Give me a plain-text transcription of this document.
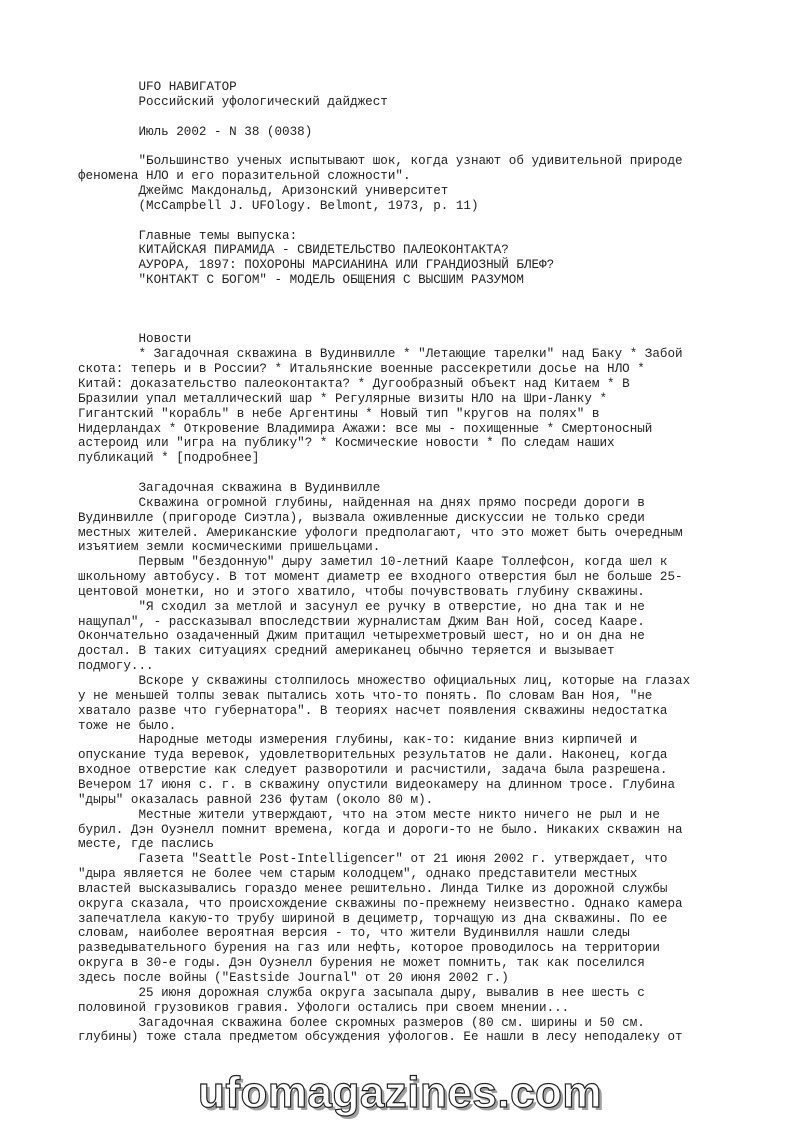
UFO НАВИГАТОР
Российский уфологический дайджест
Июль 2002 - N 38 (0038)
"Большинство ученых испытывают шок, когда узнают об удивительной природе
феномена НЛО и его поразительной сложности".
Джеймс Макдональд, Аризонский университет
(McCampbell J. UFOlogy. Belmont, 1973, p. 11)
Главные темы выпуска:
КИТАЙСКАЯ ПИРАМИДА - СВИДЕТЕЛЬСТВО ПАЛЕОКОНТАКТА?
АУРОРА, 1897: ПОХОРОНЫ МАРСИАНИНА ИЛИ ГРАНДИОЗНЫЙ БЛЕФ?
"КОНТАКТ С БОГОМ" - МОДЕЛЬ ОБЩЕНИЯ С ВЫСШИМ РАЗУМОМ
Новости
* Загадочная скважина в Вудинвилле * "Летающие тарелки" над Баку * Забой
скота: теперь и в России? * Итальянские военные рассекретили досье на НЛО *
Китай: доказательство палеоконтакта? * Дугообразный объект над Китаем * В
Бразилии упал металлический шар * Регулярные визиты НЛО на Шри-Ланку *
Гигантский "корабль" в небе Аргентины * Новый тип "кругов на полях" в
Нидерландах * Откровение Владимира Ажажи: все мы - похищенные * Смертоносный
астероид или "игра на публику"? * Космические новости * По следам наших
публикаций * [подробнее]
Загадочная скважина в Вудинвилле
Скважина огромной глубины, найденная на днях прямо посреди дороги в
Вудинвилле (пригороде Сиэтла), вызвала оживленные дискуссии не только среди
местных жителей. Американские уфологи предполагают, что это может быть очередным
изъятием земли космическими пришельцами.
Первым "бездонную" дыру заметил 10-летний Кааре Толлефсон, когда шел к
школьному автобусу. В тот момент диаметр ее входного отверстия был не больше 25-
центовой монетки, но и этого хватило, чтобы почувствовать глубину скважины.
"Я сходил за метлой и засунул ее ручку в отверстие, но дна так и не
нащупал", - рассказывал впоследствии журналистам Джим Ван Ной, сосед Кааре.
Окончательно озадаченный Джим притащил четырехметровый шест, но и он дна не
достал. В таких ситуациях средний американец обычно теряется и вызывает
подмогу...
Вскоре у скважины столпилось множество официальных лиц, которые на глазах
у не меньшей толпы зевак пытались хоть что-то понять. По словам Ван Ноя, "не
хватало разве что губернатора". В теориях насчет появления скважины недостатка
тоже не было.
Народные методы измерения глубины, как-то: кидание вниз кирпичей и
опускание туда веревок, удовлетворительных результатов не дали. Наконец, когда
входное отверстие как следует разворотили и расчистили, задача была разрешена.
Вечером 17 июня с. г. в скважину опустили видеокамеру на длинном тросе. Глубина
"дыры" оказалась равной 236 футам (около 80 м).
Местные жители утверждают, что на этом месте никто ничего не рыл и не
бурил. Дэн Оуэнелл помнит времена, когда и дороги-то не было. Никаких скважин на
месте, где паслись
Газета "Seattle Post-Intelligencer" от 21 июня 2002 г. утверждает, что
"дыра является не более чем старым колодцем", однако представители местных
властей высказывались гораздо менее решительно. Линда Тилке из дорожной службы
округа сказала, что происхождение скважины по-прежнему неизвестно. Однако камера
запечатлела какую-то трубу шириной в дециметр, торчащую из дна скважины. По ее
словам, наиболее вероятная версия - то, что жители Вудинвилля нашли следы
разведывательного бурения на газ или нефть, которое проводилось на территории
округа в 30-е годы. Дэн Оуэнелл бурения не может помнить, так как поселился
здесь после войны ("Eastside Journal" от 20 июня 2002 г.)
25 июня дорожная служба округа засыпала дыру, вывалив в нее шесть с
половиной грузовиков гравия. Уфологи остались при своем мнении...
Загадочная скважина более скромных размеров (80 см. ширины и 50 см.
глубины) тоже стала предметом обсуждения уфологов. Ее нашли в лесу неподалеку от
ufomagazines.com
